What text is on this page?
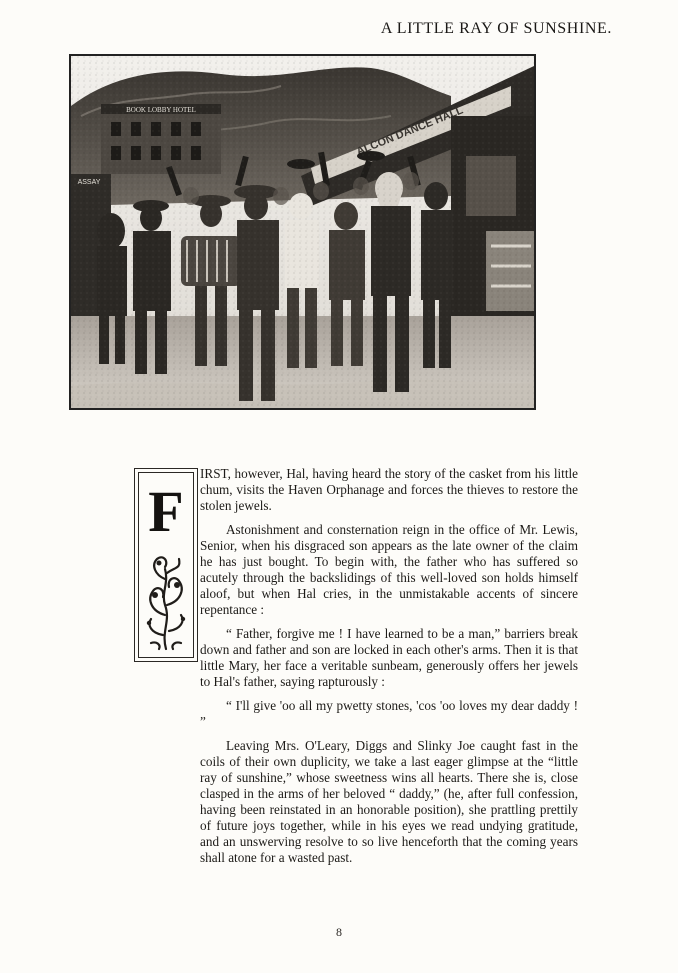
A LITTLE RAY OF SUNSHINE.
F

IRST, however, Hal, having heard the story of the casket from his little chum, visits the Haven Orphanage and forces the thieves to restore the stolen jewels.

Astonishment and consternation reign in the office of Mr. Lewis, Senior, when his disgraced son appears as the late owner of the claim he has just bought. To begin with, the father who has suffered so acutely through the backslidings of this well-loved son holds himself aloof, but when Hal cries, in the unmistakable accents of sincere repentance :

“ Father, forgive me ! I have learned to be a man,” barriers break down and father and son are locked in each other's arms. Then it is that little Mary, her face a veritable sunbeam, generously offers her jewels to Hal's father, saying rapturously :

“ I'll give 'oo all my pwetty stones, 'cos 'oo loves my dear daddy ! ”

Leaving Mrs. O'Leary, Diggs and Slinky Joe caught fast in the coils of their own duplicity, we take a last eager glimpse at the “little ray of sunshine,” whose sweetness wins all hearts. There she is, close clasped in the arms of her beloved “ daddy,” (he, after full confession, having been reinstated in an honorable position), she prattling prettily of future joys together, while in his eyes we read undying gratitude, and an unswerving resolve to so live henceforth that the coming years shall atone for a wasted past.

8
